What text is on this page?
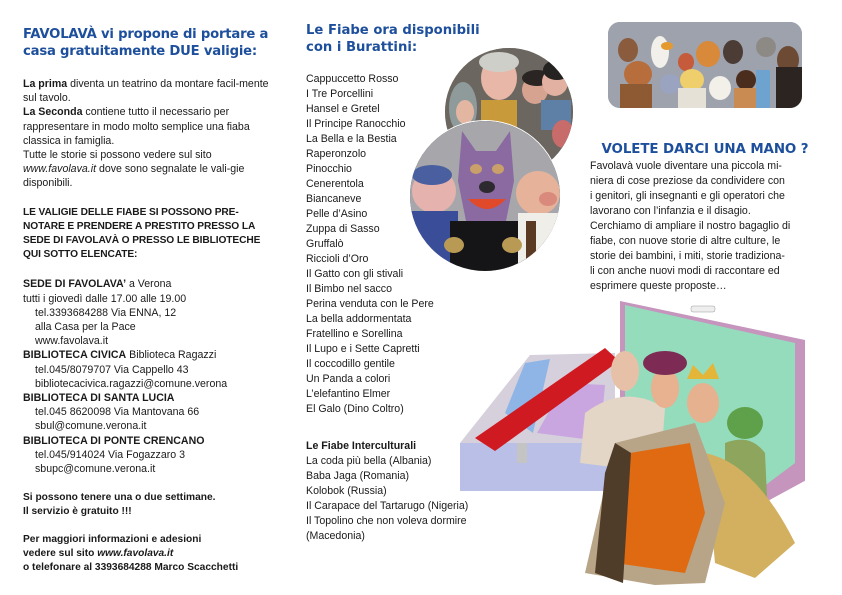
FAVOLAVÀ vi propone di portare a casa gratuitamente DUE valigie:

La prima diventa un teatrino da montare facil-mente sul tavolo.
La Seconda contiene tutto il necessario per rappresentare in modo molto semplice una fiaba classica in famiglia.
Tutte le storie si possono vedere sul sito www.favolava.it dove sono segnalate le vali-gie disponibili.

LE VALIGIE DELLE FIABE SI POSSONO PRE-NOTARE E PRENDERE A PRESTITO PRESSO LA SEDE DI FAVOLAVÀ O PRESSO LE BIBLIOTECHE QUI SOTTO ELENCATE:

SEDE DI FAVOLAVA’ a Verona
tutti i giovedì dalle 17.00 alle 19.00
tel.3393684288 Via ENNA, 12
alla Casa per la Pace
www.favolava.it
BIBLIOTECA CIVICA Biblioteca Ragazzi
tel.045/8079707 Via Cappello 43
bibliotecacivica.ragazzi@comune.verona
BIBLIOTECA DI SANTA LUCIA
tel.045 8620098 Via Mantovana 66
sbul@comune.verona.it
BIBLIOTECA DI PONTE CRENCANO
tel.045/914024 Via Fogazzaro 3
sbupc@comune.verona.it

Si possono tenere una o due settimane.
Il servizio è gratuito !!!

Per maggiori informazioni e adesioni
vedere sul sito www.favolava.it
o telefonare al 3393684288 Marco Scacchetti

Le Fiabe ora disponibili
con i Burattini:
Cappuccetto Rosso
I Tre Porcellini
Hansel e Gretel
Il Principe Ranocchio
La Bella e la Bestia
Raperonzolo
Pinocchio
Cenerentola
Biancaneve
Pelle d’Asino
Zuppa di Sasso
Gruffalò
Riccioli d’Oro
Il Gatto con gli stivali
Il Bimbo nel sacco
Perina venduta con le Pere
La bella addormentata
Fratellino e Sorellina
Il Lupo e i Sette Capretti
Il coccodillo gentile
Un Panda a colori
L’elefantino Elmer
El Galo (Dino Coltro)
Le Fiabe Interculturali
La coda più bella (Albania)
Baba Jaga (Romania)
Kolobok (Russia)
Il Carapace del Tartarugo (Nigeria)
Il Topolino che non voleva dormire
(Macedonia)
VOLETE DARCI UNA MANO ?
Favolavà vuole diventare una piccola mi-
niera di cose preziose da condividere con
i genitori, gli insegnanti e gli operatori che
lavorano con l’infanzia e il disagio.
Cerchiamo di ampliare il nostro bagaglio di
fiabe, con nuove storie di altre culture, le
storie dei bambini, i miti, storie tradiziona-
li con anche nuovi modi di raccontare ed
esprimere queste proposte…
